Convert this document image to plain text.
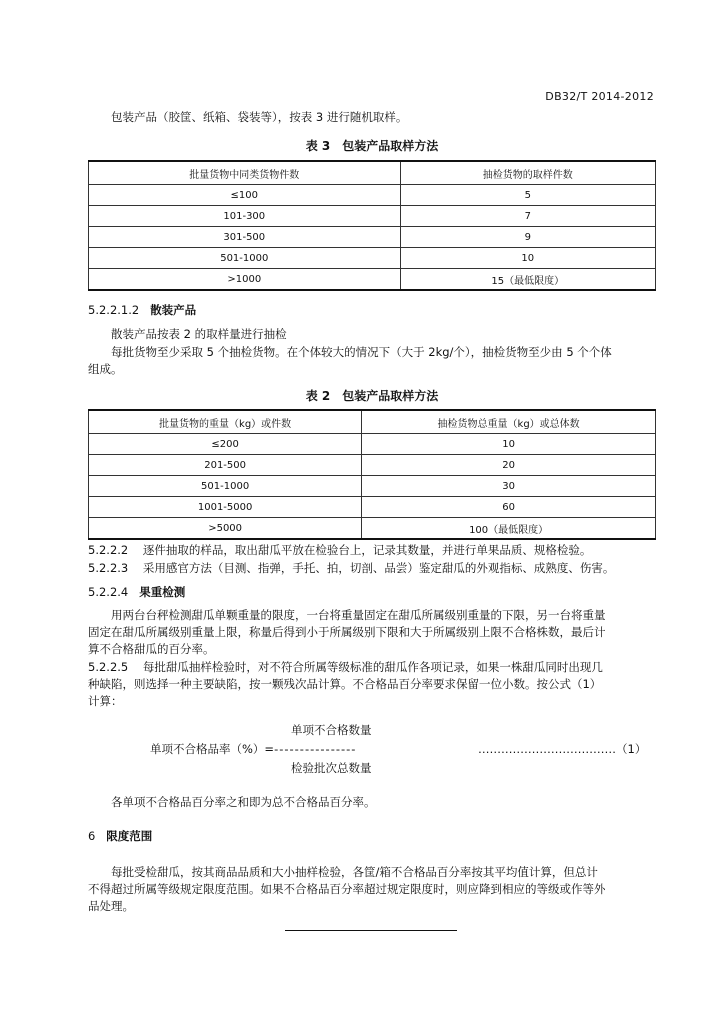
DB32/T 2014-2012
包装产品（胶筐、纸箱、袋装等），按表 3 进行随机取样。
表 3　包装产品取样方法
批量货物中同类货物件数	抽检货物的取样件数
≤100	5
101-300	7
301-500	9
501-1000	10
>1000	15（最低限度）
5.2.2.1.2 散装产品
散装产品按表 2 的取样量进行抽检
每批货物至少采取 5 个抽检货物。在个体较大的情况下（大于 2kg/个），抽检货物至少由 5 个个体
组成。
表 2　包装产品取样方法
批量货物的重量（kg）或件数	抽检货物总重量（kg）或总体数
≤200	10
201-500	20
501-1000	30
1001-5000	60
>5000	100（最低限度）
5.2.2.2 逐件抽取的样品，取出甜瓜平放在检验台上，记录其数量，并进行单果品质、规格检验。
5.2.2.3 采用感官方法（目测、指弹，手托、拍，切剖、品尝）鉴定甜瓜的外观指标、成熟度、伤害。
5.2.2.4 果重检测
用两台台秤检测甜瓜单颗重量的限度，一台将重量固定在甜瓜所属级别重量的下限，另一台将重量
固定在甜瓜所属级别重量上限，称量后得到小于所属级别下限和大于所属级别上限不合格株数，最后计
算不合格甜瓜的百分率。
5.2.2.5 每批甜瓜抽样检验时，对不符合所属等级标准的甜瓜作各项记录，如果一株甜瓜同时出现几
种缺陷，则选择一种主要缺陷，按一颗残次品计算。不合格品百分率要求保留一位小数。按公式（1）
计算：
单项不合格数量
单项不合格品率（%）=----------------	………………………………（1）
检验批次总数量
各单项不合格品百分率之和即为总不合格品百分率。
6 限度范围
每批受检甜瓜，按其商品品质和大小抽样检验，各筐/箱不合格品百分率按其平均值计算，但总计
不得超过所属等级规定限度范围。如果不合格品百分率超过规定限度时，则应降到相应的等级或作等外
品处理。
